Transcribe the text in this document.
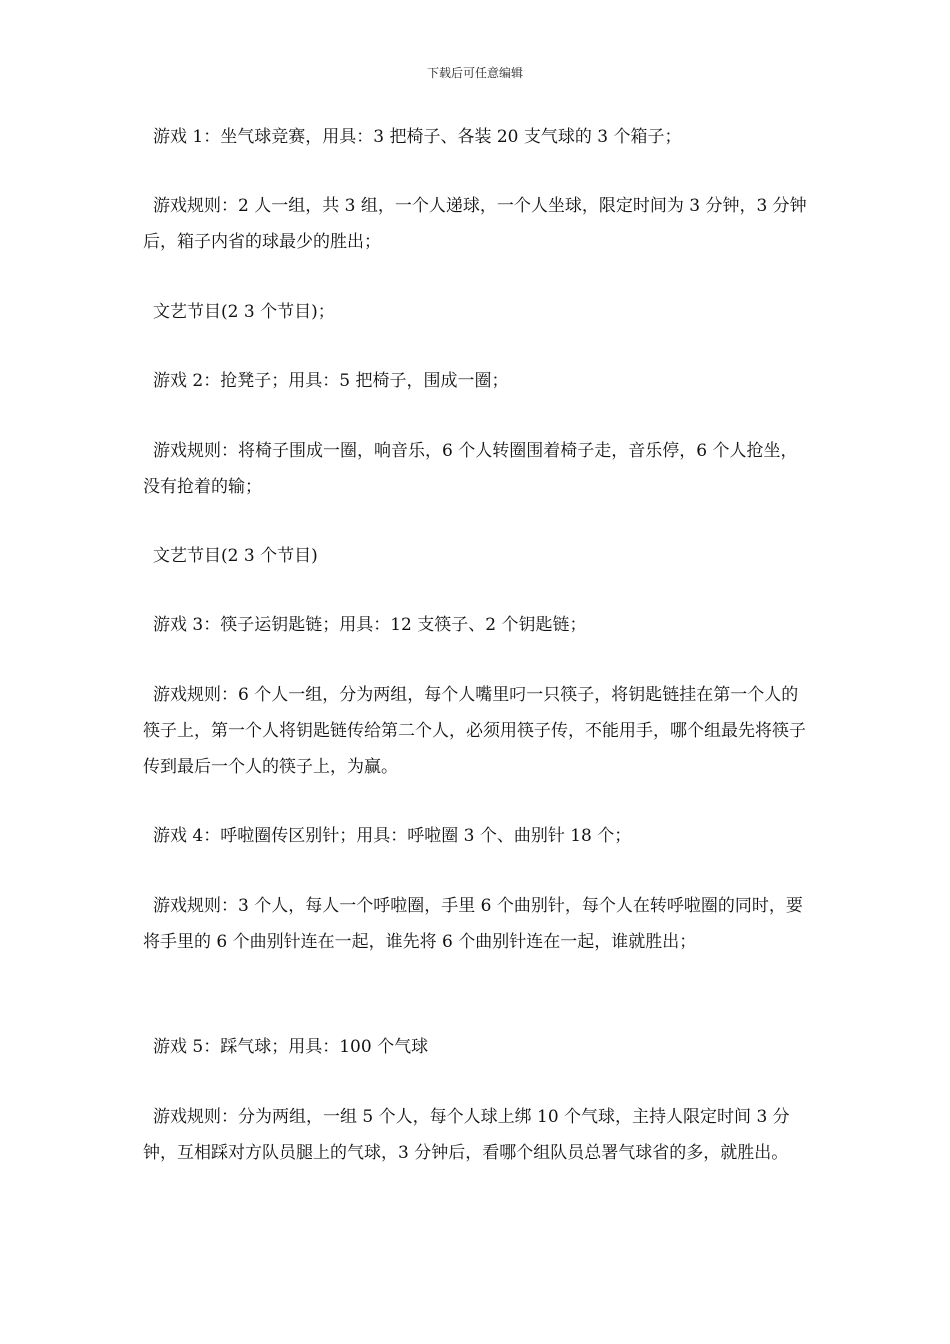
下载后可任意编辑

游戏 1：坐气球竞赛，用具：3 把椅子、各装 20 支气球的 3 个箱子；

游戏规则：2 人一组，共 3 组，一个人递球，一个人坐球，限定时间为 3 分钟，3 分钟后，箱子内省的球最少的胜出；

文艺节目(2 3 个节目)；

游戏 2：抢凳子；用具：5 把椅子，围成一圈；

游戏规则：将椅子围成一圈，响音乐，6 个人转圈围着椅子走，音乐停，6 个人抢坐，没有抢着的输；

文艺节目(2 3 个节目)

游戏 3：筷子运钥匙链；用具：12 支筷子、2 个钥匙链；

游戏规则：6 个人一组，分为两组，每个人嘴里叼一只筷子，将钥匙链挂在第一个人的筷子上，第一个人将钥匙链传给第二个人，必须用筷子传，不能用手，哪个组最先将筷子传到最后一个人的筷子上，为赢。

游戏 4：呼啦圈传区别针；用具：呼啦圈 3 个、曲别针 18 个；

游戏规则：3 个人，每人一个呼啦圈，手里 6 个曲别针，每个人在转呼啦圈的同时，要将手里的 6 个曲别针连在一起，谁先将 6 个曲别针连在一起，谁就胜出；

游戏 5：踩气球；用具：100 个气球

游戏规则：分为两组，一组 5 个人，每个人球上绑 10 个气球，主持人限定时间 3 分钟，互相踩对方队员腿上的气球，3 分钟后，看哪个组队员总署气球省的多，就胜出。
